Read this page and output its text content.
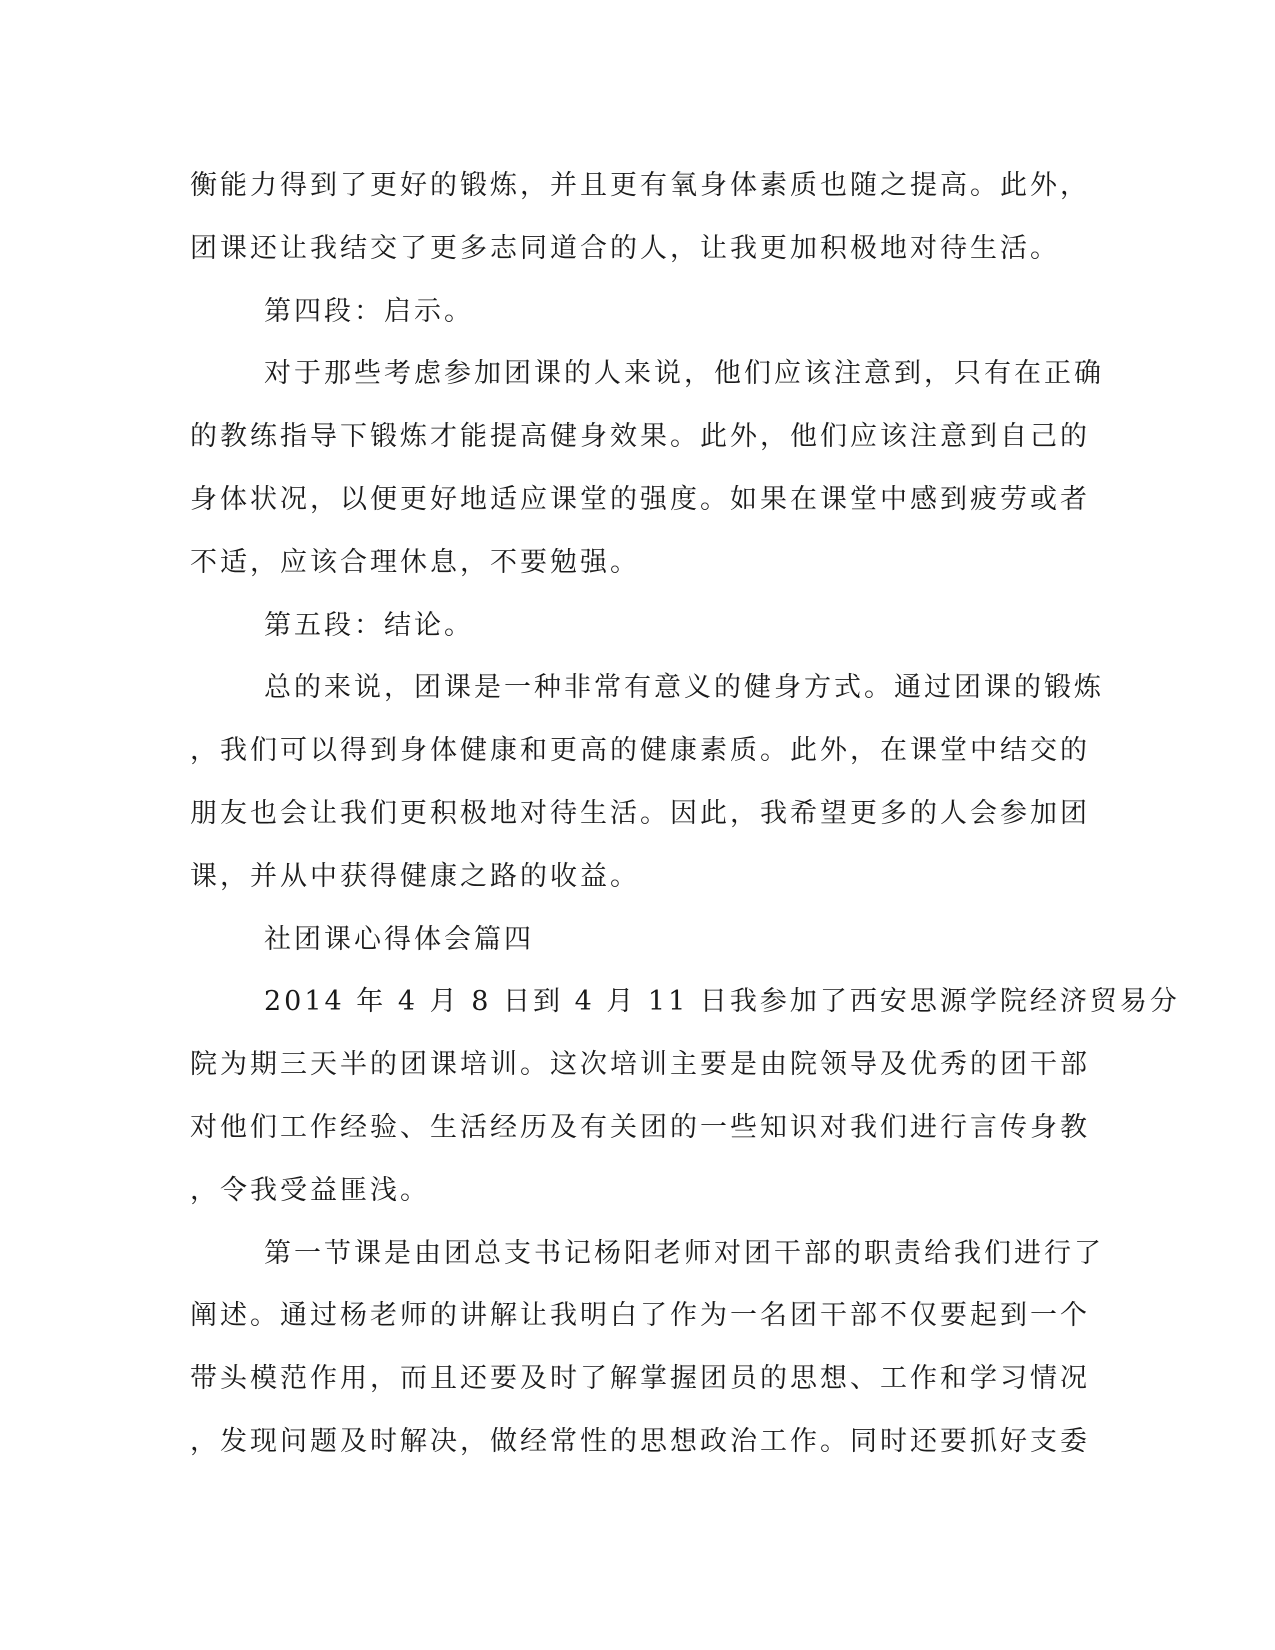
衡能力得到了更好的锻炼，并且更有氧身体素质也随之提高。此外，
团课还让我结交了更多志同道合的人，让我更加积极地对待生活。
第四段：启示。
对于那些考虑参加团课的人来说，他们应该注意到，只有在正确
的教练指导下锻炼才能提高健身效果。此外，他们应该注意到自己的
身体状况，以便更好地适应课堂的强度。如果在课堂中感到疲劳或者
不适，应该合理休息，不要勉强。
第五段：结论。
总的来说，团课是一种非常有意义的健身方式。通过团课的锻炼
，我们可以得到身体健康和更高的健康素质。此外，在课堂中结交的
朋友也会让我们更积极地对待生活。因此，我希望更多的人会参加团
课，并从中获得健康之路的收益。
社团课心得体会篇四
2014 年 4 月 8 日到 4 月 11 日我参加了西安思源学院经济贸易分
院为期三天半的团课培训。这次培训主要是由院领导及优秀的团干部
对他们工作经验、生活经历及有关团的一些知识对我们进行言传身教
，令我受益匪浅。
第一节课是由团总支书记杨阳老师对团干部的职责给我们进行了
阐述。通过杨老师的讲解让我明白了作为一名团干部不仅要起到一个
带头模范作用，而且还要及时了解掌握团员的思想、工作和学习情况
，发现问题及时解决，做经常性的思想政治工作。同时还要抓好支委
